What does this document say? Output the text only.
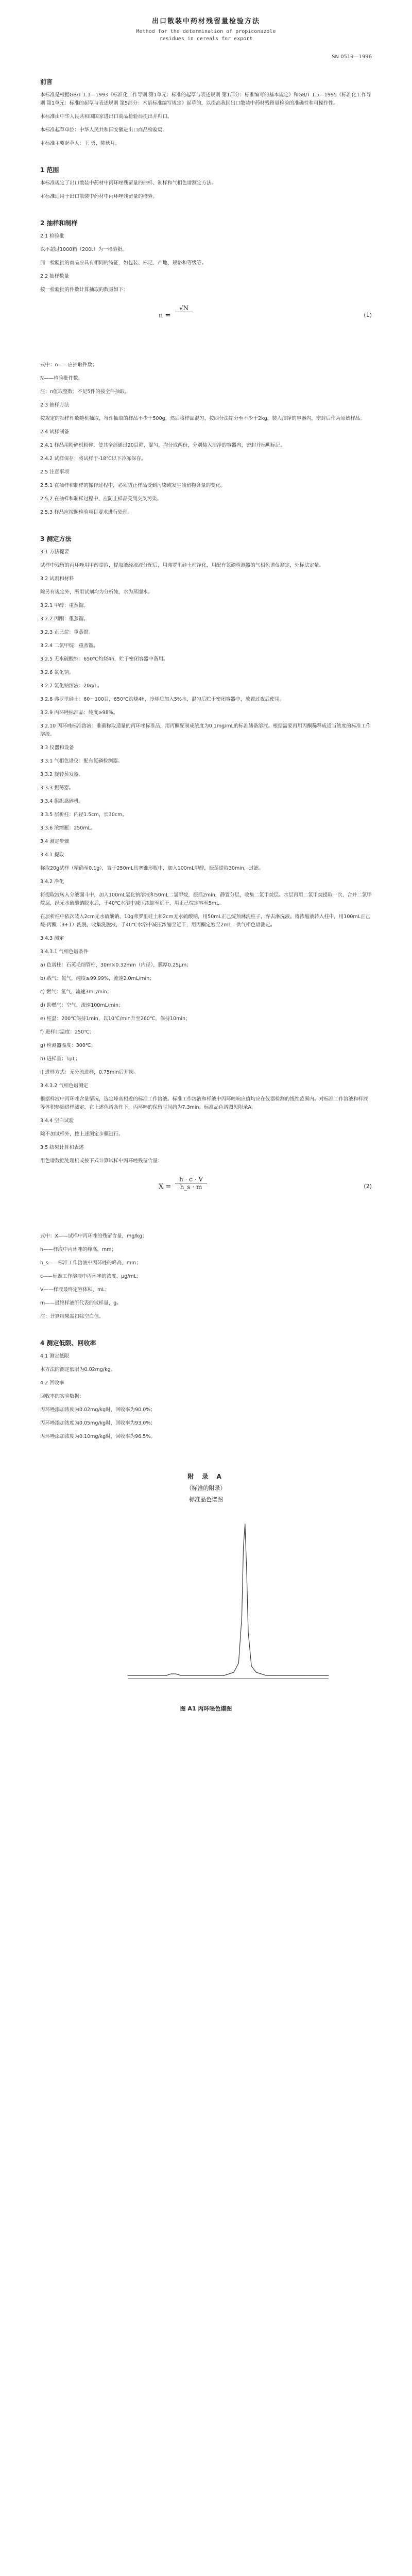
出口散装中药材残留量检验方法
Method for the determination of propiconazole
residues in cereals for export
SN 0519—1996
前言

本标准是根据GB/T 1.1—1993《标准化工作导则 第1单元：标准的起草与表述规则 第1部分：标准编写的基本规定》和GB/T 1.5—1995《标准化工作导则 第1单元：标准的起草与表述规则 第5部分：术语标准编写规定》起草的，以提高我国出口散装中药材残留量检验的准确性和可操作性。

本标准由中华人民共和国国家进出口商品检验局提出并归口。

本标准起草单位：中华人民共和国安徽进出口商品检验局。

本标准主要起草人：王 勇、陈秋月。

1 范围

本标准规定了出口散装中药材中丙环唑残留量的抽样、制样和气相色谱测定方法。

本标准适用于出口散装中药材中丙环唑残留量的检验。

2 抽样和制样

2.1 检验批

以不超过1000箱（200t）为一检验批。

同一检验批的商品应具有相同的特征，如包装、标记、产地、规格和等级等。

2.2 抽样数量

按一检验批的件数计算抽取的数量如下：

n =
√N
(1)

式中：n——应抽取件数；

N——检验批件数。

注：n值取整数；不足5件的按全件抽取。

2.3 抽样方法

按规定的抽样件数随机抽取，每件抽取的样品不少于500g，然后将样品混匀，按四分法缩分至不少于2kg，装入洁净的容器内，密封后作为原始样品。

2.4 试样制备

2.4.1 样品用粉碎机粉碎，使其全部通过20目筛，混匀，均分成两份，分别装入洁净的容器内，密封并标明标记。

2.4.2 试样保存：将试样于-18℃以下冷冻保存。

2.5 注意事项

2.5.1 在抽样和制样的操作过程中，必须防止样品受到污染或发生残留物含量的变化。

2.5.2 在抽样和制样过程中，应防止样品受到交叉污染。

2.5.3 样品应按照检验项目要求进行处理。

3 测定方法

3.1 方法提要

试样中残留的丙环唑用甲醇提取，提取液经液液分配后，用弗罗里硅土柱净化，用配有氮磷检测器的气相色谱仪测定，外标法定量。

3.2 试剂和材料

除另有规定外，所用试剂均为分析纯，水为蒸馏水。

3.2.1 甲醇：重蒸馏。

3.2.2 丙酮：重蒸馏。

3.2.3 正己烷：重蒸馏。

3.2.4 二氯甲烷：重蒸馏。

3.2.5 无水硫酸钠：650℃灼烧4h，贮于密闭容器中备用。

3.2.6 氯化钠。

3.2.7 氯化钠溶液：20g/L。

3.2.8 弗罗里硅土：60～100目，650℃灼烧4h，冷却后加入5%水，混匀后贮于密闭容器中，放置过夜后使用。

3.2.9 丙环唑标准品：纯度≥98%。

3.2.10 丙环唑标准溶液：准确称取适量的丙环唑标准品，用丙酮配制成浓度为0.1mg/mL的标准储备溶液。根据需要再用丙酮稀释成适当浓度的标准工作溶液。

3.3 仪器和设备

3.3.1 气相色谱仪：配有氮磷检测器。

3.3.2 旋转蒸发器。

3.3.3 振荡器。

3.3.4 组织捣碎机。

3.3.5 层析柱：内径1.5cm，长30cm。

3.3.6 浓缩瓶：250mL。

3.4 测定步骤

3.4.1 提取

称取20g试样（精确至0.1g），置于250mL具塞锥形瓶中，加入100mL甲醇，振荡提取30min，过滤。

3.4.2 净化

将提取液转入分液漏斗中，加入100mL氯化钠溶液和50mL二氯甲烷，振摇2min，静置分层，收集二氯甲烷层。水层再用二氯甲烷提取一次，合并二氯甲烷层，经无水硫酸钠脱水后，于40℃水浴中减压浓缩至近干，用正己烷定容至5mL。

在层析柱中依次装入2cm无水硫酸钠、10g弗罗里硅土和2cm无水硫酸钠，用50mL正己烷预淋洗柱子，弃去淋洗液。将浓缩液转入柱中，用100mL正己烷-丙酮（9+1）洗脱，收集洗脱液，于40℃水浴中减压浓缩至近干，用丙酮定容至2mL，供气相色谱测定。

3.4.3 测定

3.4.3.1 气相色谱条件

a) 色谱柱：石英毛细管柱，30m×0.32mm（内径），膜厚0.25μm；

b) 载气：氮气，纯度≥99.99%，流速2.0mL/min；

c) 燃气：氢气，流速3mL/min；

d) 助燃气：空气，流速100mL/min；

e) 柱温：200℃保持1min，以10℃/min升至260℃，保持10min；

f) 进样口温度：250℃；

g) 检测器温度：300℃；

h) 进样量：1μL；

i) 进样方式：无分流进样，0.75min后开阀。

3.4.3.2 气相色谱测定

根据样液中丙环唑含量情况，选定峰高相近的标准工作溶液。标准工作溶液和样液中丙环唑响应值均应在仪器检测的线性范围内。对标准工作溶液和样液等体积参插进样测定，在上述色谱条件下，丙环唑的保留时间约为7.3min。标准品色谱图见附录A。

3.4.4 空白试验

除不加试样外，按上述测定步骤进行。

3.5 结果计算和表述

用色谱数据处理机或按下式计算试样中丙环唑残留含量：

$X = \frac{h \cdot c \cdot V}{h\_s \cdot m}$	(2)

式中：X——试样中丙环唑的残留含量，mg/kg；

h——样液中丙环唑的峰高，mm；

h_s——标准工作溶液中丙环唑的峰高，mm；

c——标准工作溶液中丙环唑的浓度，μg/mL；

V——样液最终定容体积，mL；

m——最终样液所代表的试样量，g。

注：计算结果需扣除空白值。

4 测定低限、回收率

4.1 测定低限

本方法的测定低限为0.02mg/kg。

4.2 回收率

回收率的实验数据：

丙环唑添加浓度为0.02mg/kg时，回收率为90.0%；

丙环唑添加浓度为0.05mg/kg时，回收率为93.0%；

丙环唑添加浓度为0.10mg/kg时，回收率为96.5%。

附 录 A
（标准的附录）
标准品色谱图
图 A1 丙环唑色谱图
